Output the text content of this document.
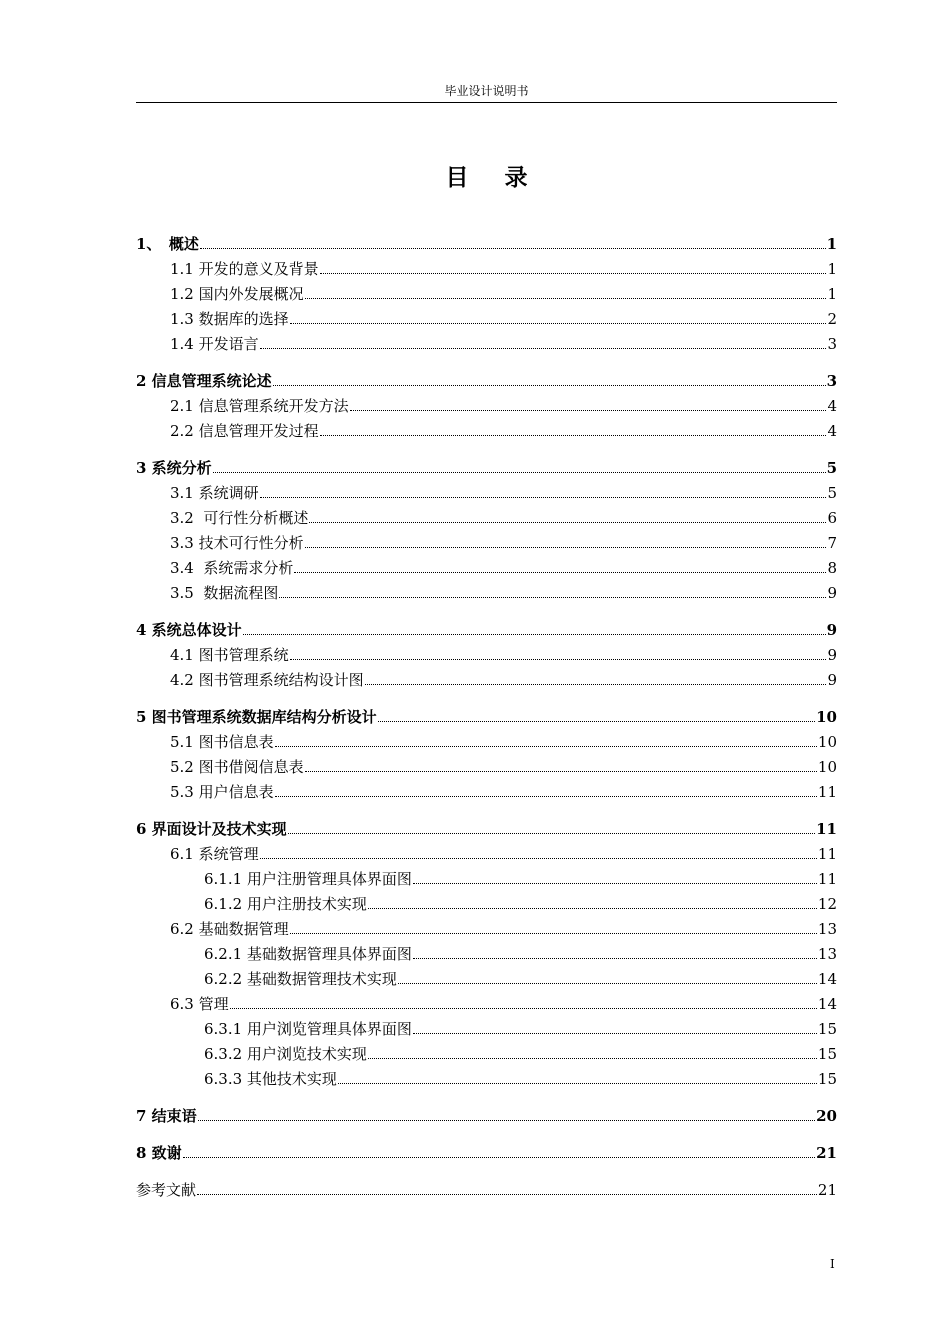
毕业设计说明书
目 录
1、　概述	1
1.1 开发的意义及背景	1
1.2 国内外发展概况	1
1.3 数据库的选择	2
1.4 开发语言	3
2 信息管理系统论述	3
2.1 信息管理系统开发方法	4
2.2 信息管理开发过程	4
3 系统分析	5
3.1 系统调研	5
3.2  可行性分析概述	6
3.3 技术可行性分析	7
3.4  系统需求分析	8
3.5  数据流程图	9
4 系统总体设计	9
4.1 图书管理系统	9
4.2 图书管理系统结构设计图	9
5 图书管理系统数据库结构分析设计	10
5.1 图书信息表	10
5.2 图书借阅信息表	10
5.3 用户信息表	11
6 界面设计及技术实现	11
6.1 系统管理	11
6.1.1 用户注册管理具体界面图	11
6.1.2 用户注册技术实现	12
6.2 基础数据管理	13
6.2.1 基础数据管理具体界面图	13
6.2.2 基础数据管理技术实现	14
6.3 管理	14
6.3.1 用户浏览管理具体界面图	15
6.3.2 用户浏览技术实现	15
6.3.3 其他技术实现	15
7 结束语	20
8 致谢	21
参考文献	21
I
